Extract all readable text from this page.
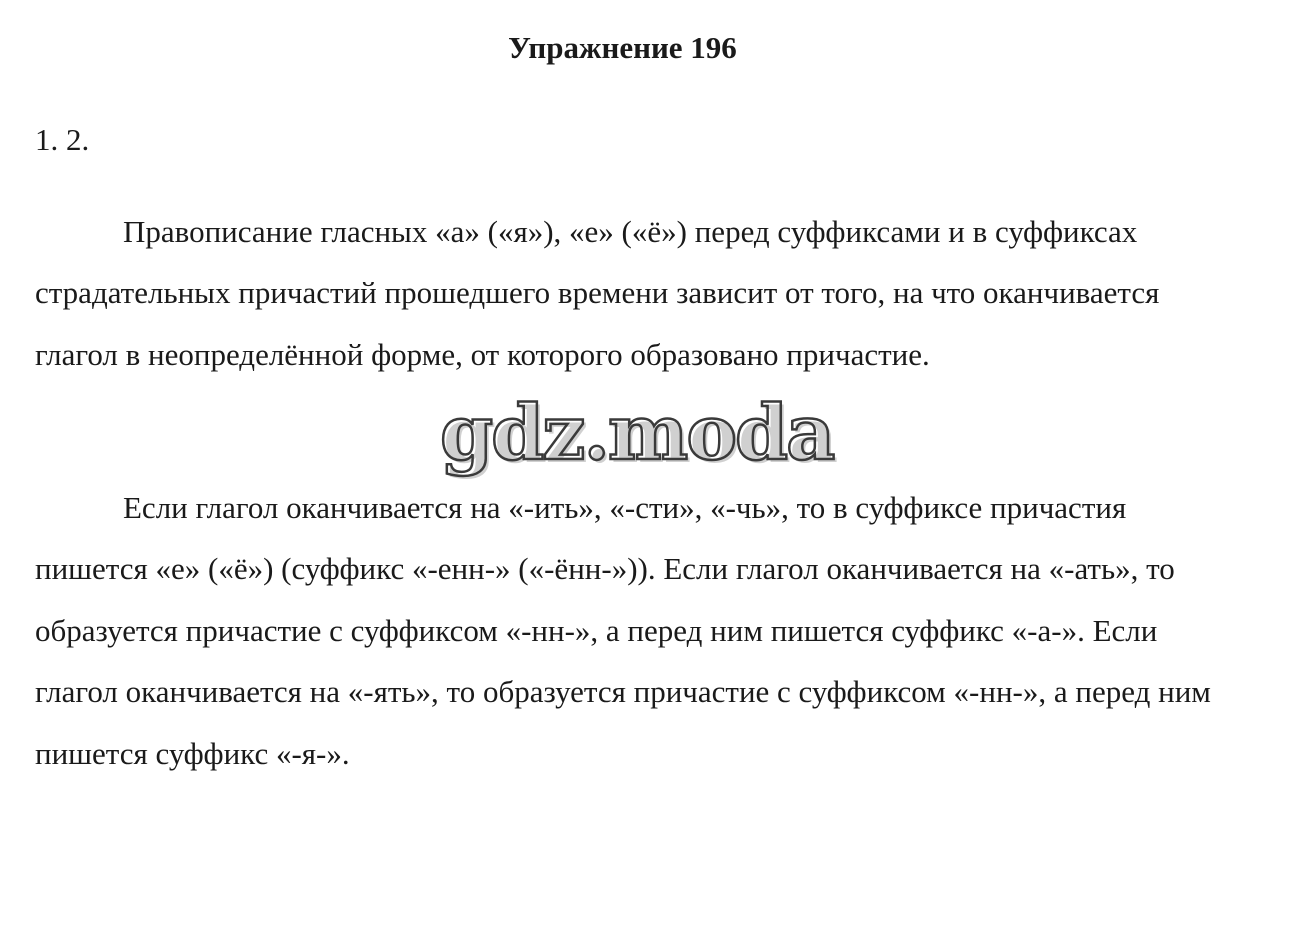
Упражнение 196

1. 2.

Правописание гласных «а» («я»), «е» («ё») перед суффиксами и в суффиксах страдательных причастий прошедшего времени зависит от того, на что оканчивается глагол в неопределённой форме, от которого образовано причастие.

Если глагол оканчивается на «-ить», «-сти», «-чь», то в суффиксе причастия пишется «е» («ё») (суффикс «-енн-» («-ённ-»)). Если глагол оканчивается на «-ать», то образуется причастие с суффиксом «-нн-», а перед ним пишется суффикс «-а-». Если глагол оканчивается на «-ять», то образуется причастие с суффиксом «-нн-», а перед ним пишется суффикс «-я-».

gdz.moda
